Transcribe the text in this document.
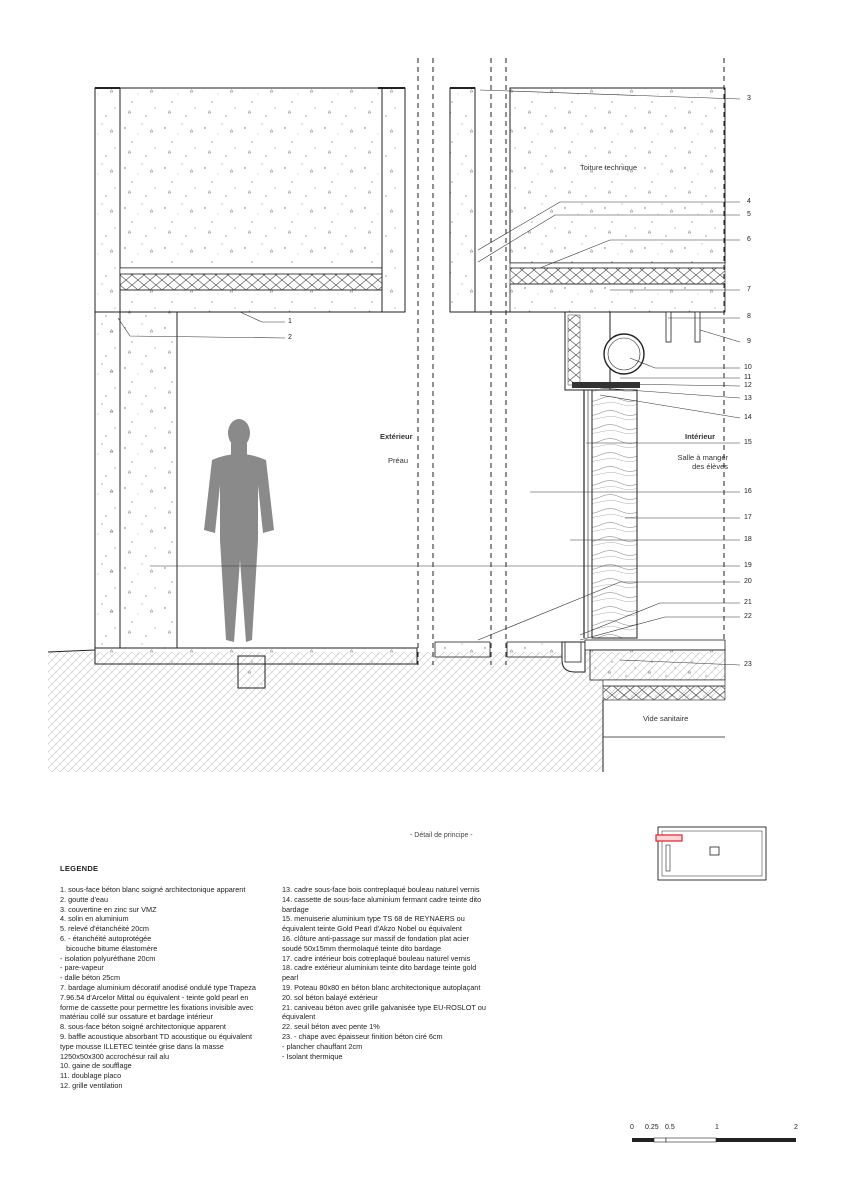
Toiture technique
Extérieur
Préau
Intérieur
Salle à manger des élèves
Vide sanitaire
1
2
3
4
5
6
7
8
9
10
11
12
13
14
15
16
17
18
19
20
21
22
23
- Détail de principe -
LEGENDE
1. sous-face béton blanc soigné architectonique apparent
2. goutte d'eau
3. couvertine en zinc sur VMZ
4. solin en aluminium
5. relevé d'étanchéité 20cm
6. - étanchéité autoprotégée
bicouche bitume élastomère
- isolation polyuréthane 20cm
- pare-vapeur
- dalle béton 25cm
7. bardage aluminium décoratif anodisé ondulé type Trapeza 7.96.54 d'Arcelor Mittal ou équivalent - teinte gold pearl en forme de cassette pour permettre les fixations invisible avec matériau collé sur ossature et bardage intérieur
8. sous-face béton soigné architectonique apparent
9. baffle acoustique absorbant TD acoustique ou équivalent type mousse ILLETEC teintée grise dans la masse 1250x50x300 accrochésur rail alu
10. gaine de soufflage
11. doublage placo
12. grille ventilation
13. cadre sous-face bois contreplaqué bouleau naturel vernis
14. cassette de sous-face aluminium fermant cadre teinte dito bardage
15. menuiserie aluminium type TS 68 de REYNAERS ou équivalent teinte Gold Pearl d'Akzo Nobel ou équivalent
16. clôture anti-passage sur massif de fondation plat acier soudé 50x15mm thermolaqué teinte dito bardage
17. cadre intérieur bois cotreplaqué bouleau naturel vernis
18. cadre extérieur aluminium teinte dito bardage teinte gold pearl
19. Poteau 80x80 en béton blanc architectonique autoplaçant
20. sol béton balayé extérieur
21. caniveau béton avec grille galvanisée type EU-ROSLOT ou équivalent
22. seuil béton avec pente 1%
23. - chape avec épaisseur finition béton ciré 6cm
- plancher chauffant 2cm
- Isolant thermique
0 0.25 0.5	1	2
